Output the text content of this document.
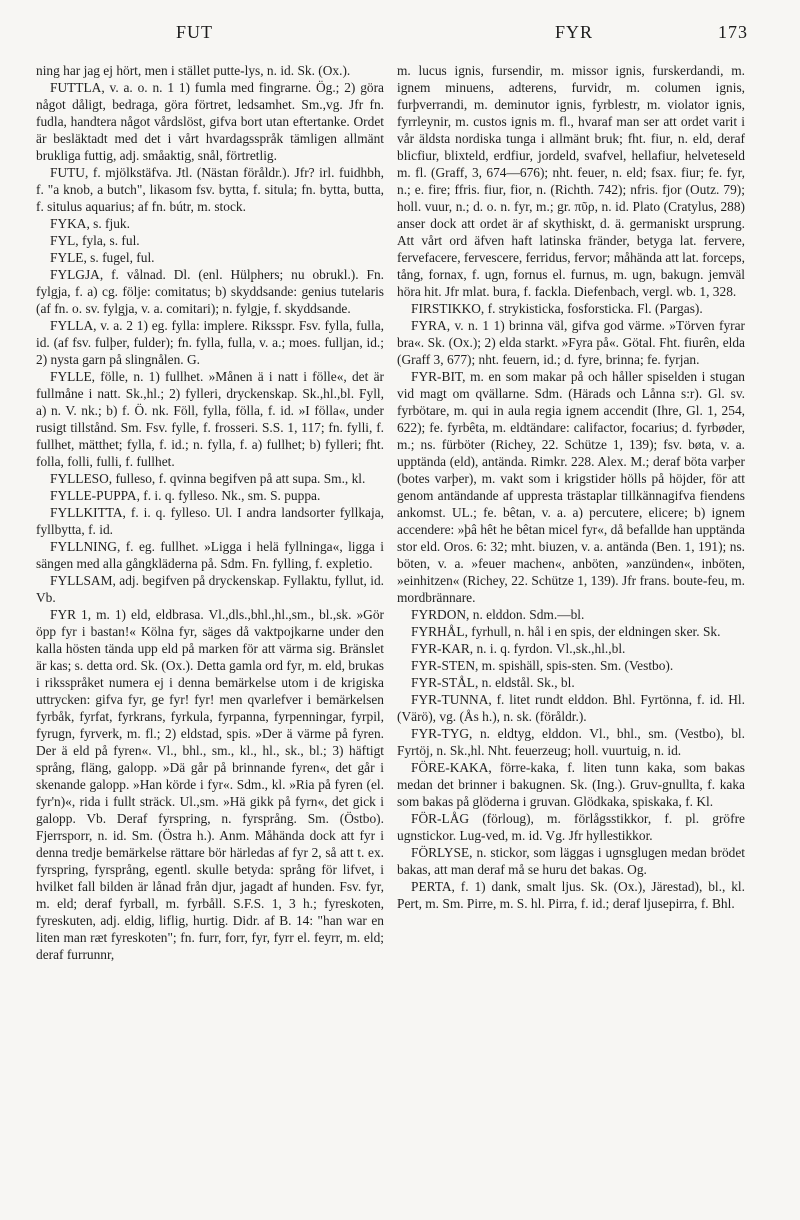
FUT	FYR	173

ning har jag ej hört, men i stället putte-lys, n. id. Sk. (Ox.).

FUTTLA, v. a. o. n. 1 1) fumla med fingrarne. Ög.; 2) göra något dåligt, bedraga, göra förtret, ledsamhet. Sm.,vg. Jfr fn. fudla, handtera något vårdslöst, gifva bort utan eftertanke. Ordet är besläktadt med det i vårt hvardagsspråk tämligen allmänt brukliga futtig, adj. småaktig, snål, förtretlig.

FUTU, f. mjölkstäfva. Jtl. (Nästan föråldr.). Jfr? irl. fuidhbh, f. "a knob, a butch", likasom fsv. bytta, f. situla; fn. bytta, butta, f. situlus aquarius; af fn. bútr, m. stock.

FYKA, s. fjuk.

FYL, fyla, s. ful.

FYLE, s. fugel, ful.

FYLGJA, f. vålnad. Dl. (enl. Hülphers; nu obrukl.). Fn. fylgja, f. a) cg. följe: comitatus; b) skyddsande: genius tutelaris (af fn. o. sv. fylgja, v. a. comitari); n. fylgje, f. skyddsande.

FYLLA, v. a. 2 1) eg. fylla: implere. Riksspr. Fsv. fylla, fulla, id. (af fsv. fulþer, fulder); fn. fylla, fulla, v. a.; moes. fulljan, id.; 2) nysta garn på slingnålen. G.

FYLLE, fölle, n. 1) fullhet. »Månen ä i natt i fölle«, det är fullmåne i natt. Sk.,hl.; 2) fylleri, dryckenskap. Sk.,hl.,bl. Fyll, a) n. V. nk.; b) f. Ö. nk. Föll, fylla, fölla, f. id. »I fölla«, under rusigt tillstånd. Sm. Fsv. fylle, f. frosseri. S.S. 1, 117; fn. fylli, f. fullhet, mätthet; fylla, f. id.; n. fylla, f. a) fullhet; b) fylleri; fht. folla, folli, fulli, f. fullhet.

FYLLESO, fulleso, f. qvinna begifven på att supa. Sm., kl.

FYLLE-PUPPA, f. i. q. fylleso. Nk., sm. S. puppa.

FYLLKITTA, f. i. q. fylleso. Ul. I andra landsorter fyllkaja, fyllbytta, f. id.

FYLLNING, f. eg. fullhet. »Ligga i helä fyllninga«, ligga i sängen med alla gångkläderna på. Sdm. Fn. fylling, f. expletio.

FYLLSAM, adj. begifven på dryckenskap. Fyllaktu, fyllut, id. Vb.

FYR 1, m. 1) eld, eldbrasa. Vl.,dls.,bhl.,hl.,sm., bl.,sk. »Gör öpp fyr i bastan!« Kölna fyr, säges då vaktpojkarne under den kalla hösten tända upp eld på marken för att värma sig. Bränslet är kas; s. detta ord. Sk. (Ox.). Detta gamla ord fyr, m. eld, brukas i riksspråket numera ej i denna bemärkelse utom i de krigiska uttrycken: gifva fyr, ge fyr! fyr! men qvarlefver i bemärkelsen fyrbåk, fyrfat, fyrkrans, fyrkula, fyrpanna, fyrpenningar, fyrpil, fyrugn, fyrverk, m. fl.; 2) eldstad, spis. »Der ä värme på fyren. Der ä eld på fyren«. Vl., bhl., sm., kl., hl., sk., bl.; 3) häftigt språng, fläng, galopp. »Dä går på brinnande fyren«, det går i skenande galopp. »Han körde i fyr«. Sdm., kl. »Ria på fyren (el. fyr'n)«, rida i fullt sträck. Ul.,sm. »Hä gikk på fyrn«, det gick i galopp. Vb. Deraf fyrspring, n. fyrsprång. Sm. (Östbo). Fjerrsporr, n. id. Sm. (Östra h.). Anm. Måhända dock att fyr i denna tredje bemärkelse rättare bör härledas af fyr 2, så att t. ex. fyrspring, fyrsprång, egentl. skulle betyda: språng för lifvet, i hvilket fall bilden är lånad från djur, jagadt af hunden. Fsv. fyr, m. eld; deraf fyrball, m. fyrbåll. S.F.S. 1, 3 h.; fyreskoten, fyreskuten, adj. eldig, liflig, hurtig. Didr. af B. 14: "han war en liten man ræt fyreskoten"; fn. furr, forr, fyr, fyrr el. feyrr, m. eld; deraf furrunnr,

m. lucus ignis, fursendir, m. missor ignis, furskerdandi, m. ignem minuens, adterens, furvidr, m. columen ignis, furþverrandi, m. deminutor ignis, fyrblestr, m. violator ignis, fyrrleynir, m. custos ignis m. fl., hvaraf man ser att ordet varit i vår äldsta nordiska tunga i allmänt bruk; fht. fiur, n. eld, deraf blicfiur, blixteld, erdfiur, jordeld, svafvel, hellafiur, helveteseld m. fl. (Graff, 3, 674—676); nht. feuer, n. eld; fsax. fiur; fe. fyr, n.; e. fire; ffris. fiur, fior, n. (Richth. 742); nfris. fjor (Outz. 79); holl. vuur, n.; d. o. n. fyr, m.; gr. πῦρ, n. id. Plato (Cratylus, 288) anser dock att ordet är af skythiskt, d. ä. germaniskt ursprung. Att vårt ord äfven haft latinska fränder, betyga lat. fervere, fervefacere, fervescere, ferridus, fervor; måhända att lat. forceps, tång, fornax, f. ugn, fornus el. furnus, m. ugn, bakugn. jemväl höra hit. Jfr mlat. bura, f. fackla. Diefenbach, vergl. wb. 1, 328.

FIRSTIKKO, f. strykisticka, fosforsticka. Fl. (Pargas).

FYRA, v. n. 1 1) brinna väl, gifva god värme. »Törven fyrar bra«. Sk. (Ox.); 2) elda starkt. »Fyra på«. Götal. Fht. fiurên, elda (Graff 3, 677); nht. feuern, id.; d. fyre, brinna; fe. fyrjan.

FYR-BIT, m. en som makar på och håller spiselden i stugan vid magt om qvällarne. Sdm. (Härads och Lånna s:r). Gl. sv. fyrbötare, m. qui in aula regia ignem accendit (Ihre, Gl. 1, 254, 622); fe. fyrbêta, m. eldtändare: califactor, focarius; d. fyrbøder, m.; ns. fürböter (Richey, 22. Schütze 1, 139); fsv. bøta, v. a. upptända (eld), antända. Rimkr. 228. Alex. M.; deraf böta varþer (botes varþer), m. vakt som i krigstider hölls på höjder, för att genom antändande af uppresta trästaplar tillkännagifva fiendens ankomst. UL.; fe. bêtan, v. a. a) percutere, elicere; b) ignem accendere: »þâ hêt he bêtan micel fyr«, då befallde han upptända stor eld. Oros. 6: 32; mht. biuzen, v. a. antända (Ben. 1, 191); ns. böten, v. a. »feuer machen«, anböten, »anzünden«, inböten, »einhitzen« (Richey, 22. Schütze 1, 139). Jfr frans. boute-feu, m. mordbrännare.

FYRDON, n. elddon. Sdm.—bl.

FYRHÅL, fyrhull, n. hål i en spis, der eldningen sker. Sk.

FYR-KAR, n. i. q. fyrdon. Vl.,sk.,hl.,bl.

FYR-STEN, m. spishäll, spis-sten. Sm. (Vestbo).

FYR-STÅL, n. eldstål. Sk., bl.

FYR-TUNNA, f. litet rundt elddon. Bhl. Fyrtönna, f. id. Hl. (Värö), vg. (Ås h.), n. sk. (föråldr.).

FYR-TYG, n. eldtyg, elddon. Vl., bhl., sm. (Vestbo), bl. Fyrtöj, n. Sk.,hl. Nht. feuerzeug; holl. vuurtuig, n. id.

FÖRE-KAKA, förre-kaka, f. liten tunn kaka, som bakas medan det brinner i bakugnen. Sk. (Ing.). Gruv-gnullta, f. kaka som bakas på glöderna i gruvan. Glödkaka, spiskaka, f. Kl.

FÖR-LÅG (förloug), m. förlågsstikkor, f. pl. gröfre ugnstickor. Lug-ved, m. id. Vg. Jfr hyllestikkor.

FÖRLYSE, n. stickor, som läggas i ugnsglugen medan brödet bakas, att man deraf må se huru det bakas. Og.

PERTA, f. 1) dank, smalt ljus. Sk. (Ox.), Järestad), bl., kl. Pert, m. Sm. Pirre, m. S. hl. Pirra, f. id.; deraf ljusepirra, f. Bhl.
